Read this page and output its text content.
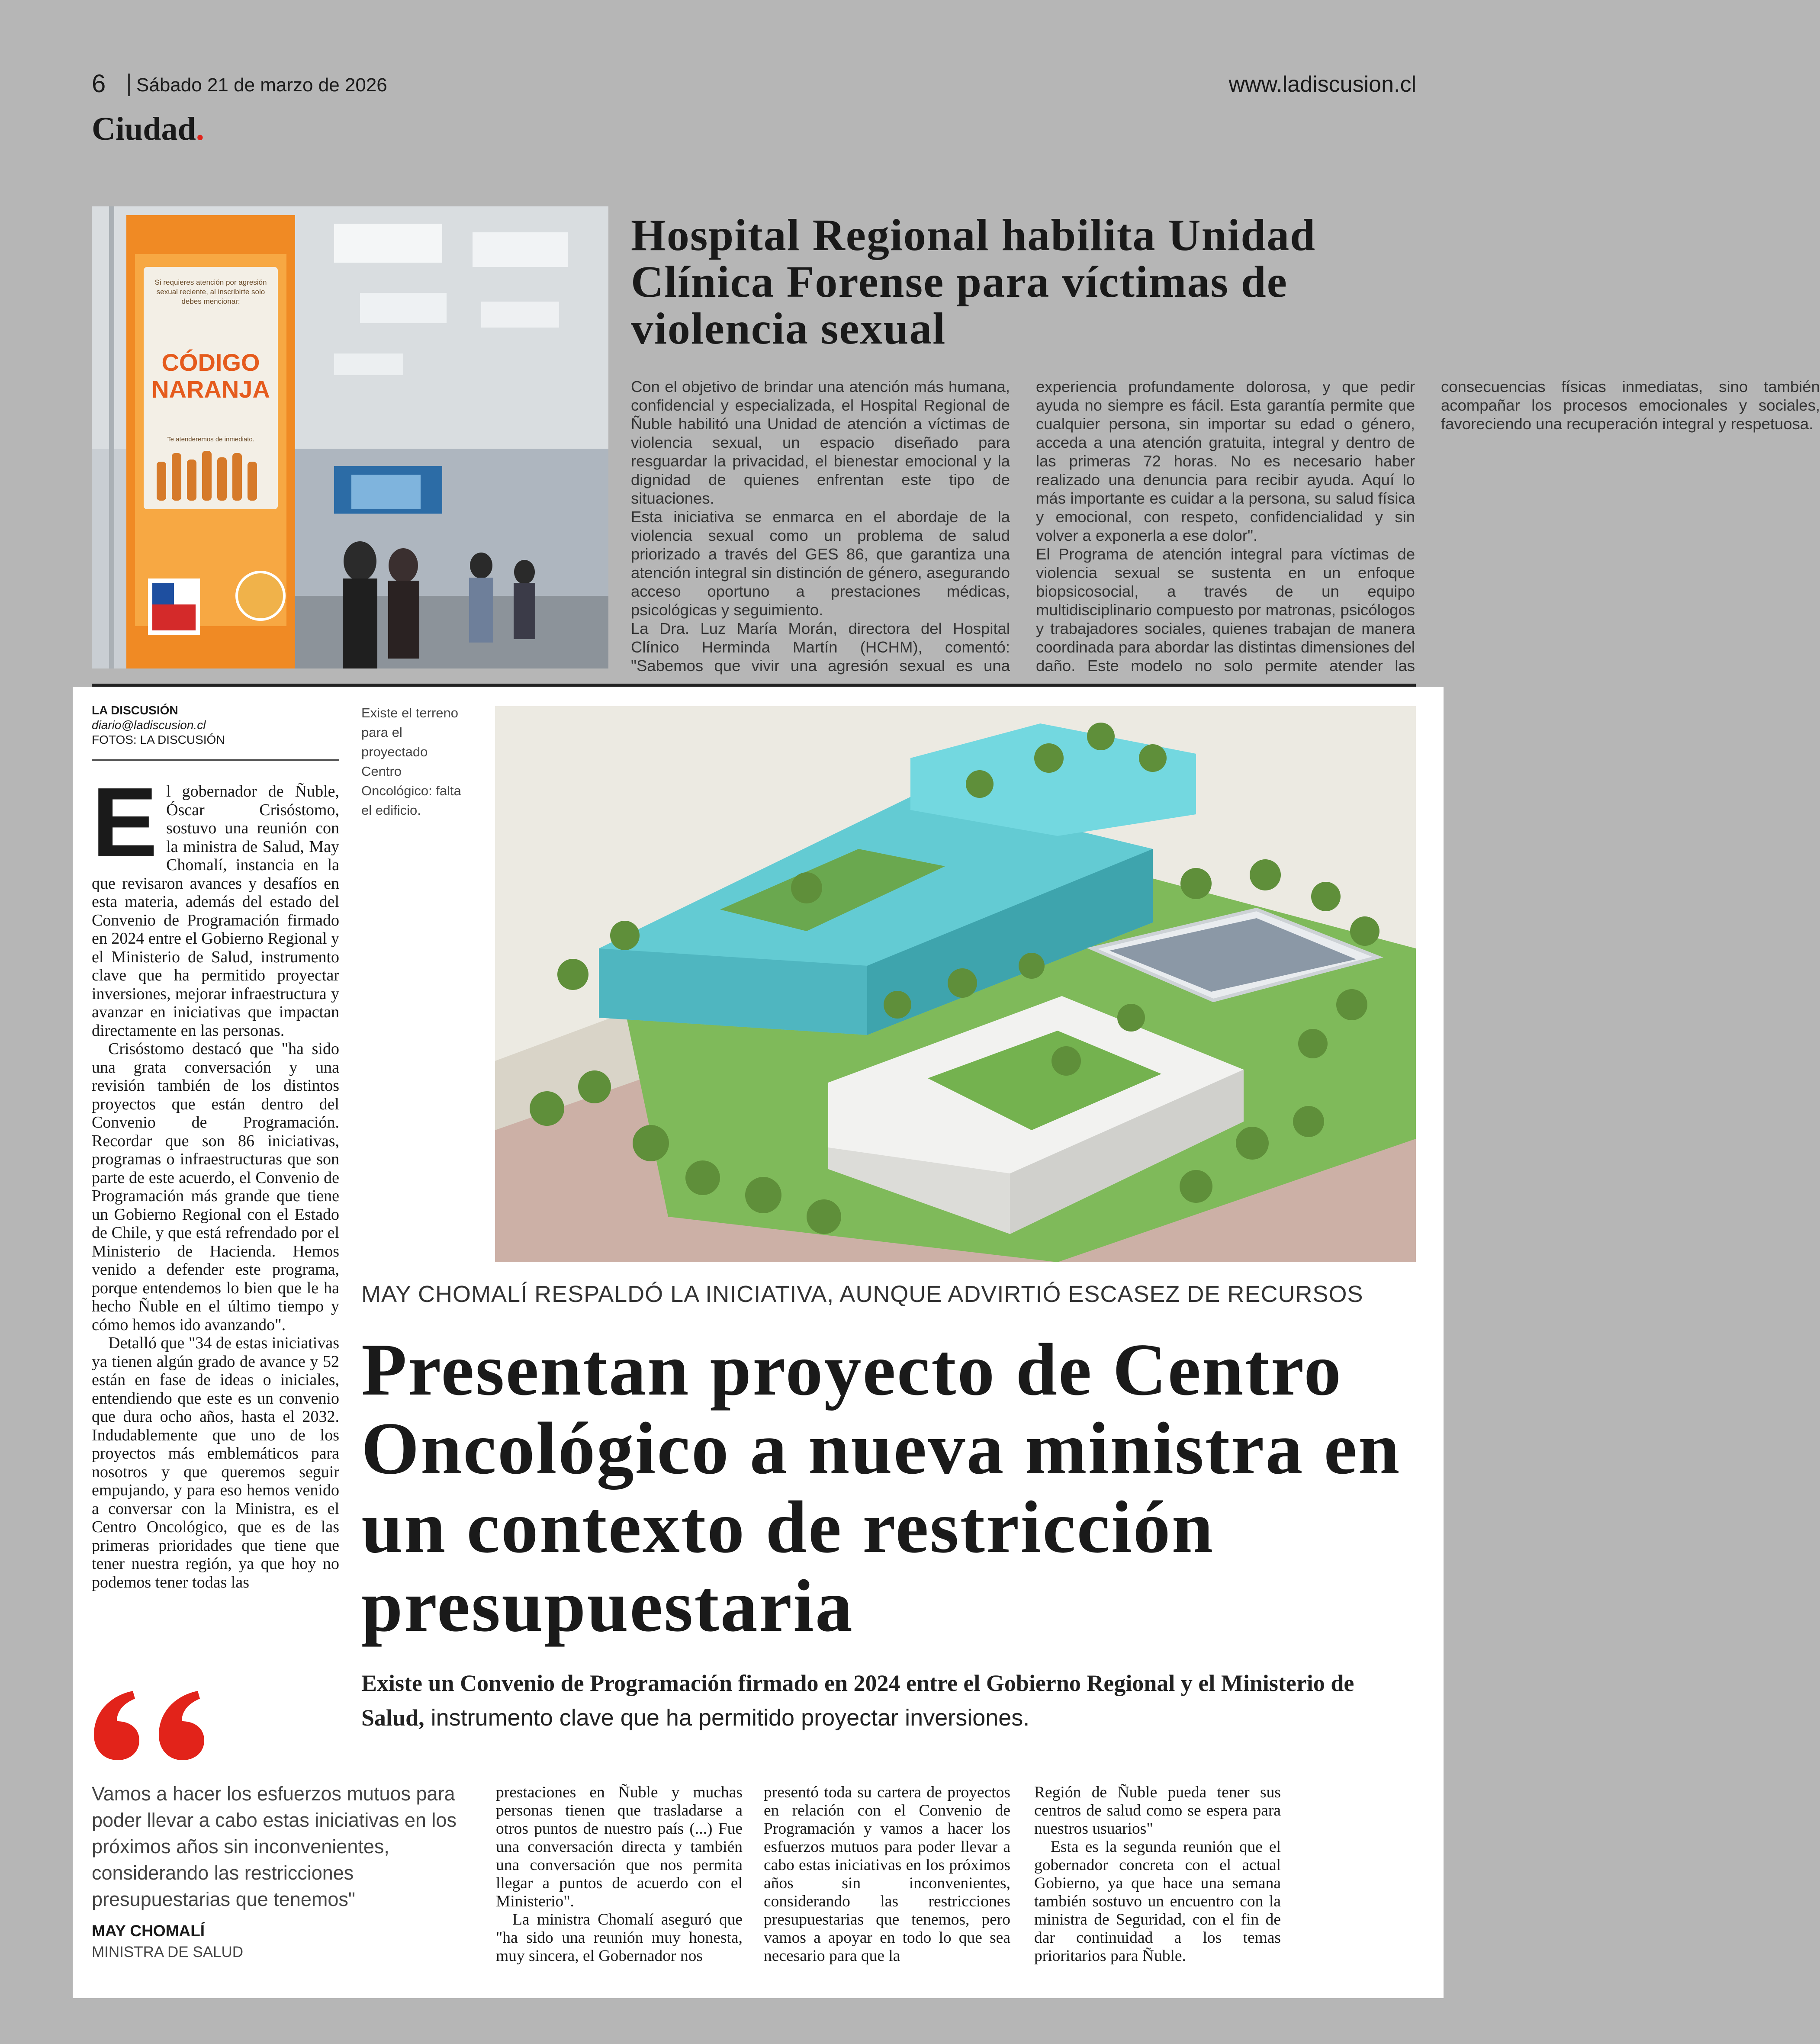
6 Sábado 21 de marzo de 2026	www.ladiscusion.cl
Ciudad.
Si requieres atención por agresión sexual reciente, al inscribirte solo debes mencionar:
CÓDIGO
NARANJA
Te atenderemos de inmediato.
Hospital Regional habilita Unidad Clínica Forense para víctimas de violencia sexual

Con el objetivo de brindar una atención más humana, confidencial y especializada, el Hospital Regional de Ñuble habilitó una Unidad de atención a víctimas de violencia sexual, un espacio diseñado para resguardar la privacidad, el bienestar emocional y la dignidad de quienes enfrentan este tipo de situaciones.

Esta iniciativa se enmarca en el abordaje de la violencia sexual como un problema de salud priorizado a través del GES 86, que garantiza una atención integral sin distinción de género, asegurando acceso oportuno a prestaciones médicas, psicológicas y seguimiento.

La Dra. Luz María Morán, directora del Hospital Clínico Herminda Martín (HCHM), comentó: "Sabemos que vivir una agresión sexual es una experiencia profundamente dolorosa, y que pedir ayuda no siempre es fácil. Esta garantía permite que cualquier persona, sin importar su edad o género, acceda a una atención gratuita, integral y dentro de las primeras 72 horas. No es necesario haber realizado una denuncia para recibir ayuda. Aquí lo más importante es cuidar a la persona, su salud física y emocional, con respeto, confidencialidad y sin volver a exponerla a ese dolor".

El Programa de atención integral para víctimas de violencia sexual se sustenta en un enfoque biopsicosocial, a través de un equipo multidisciplinario compuesto por matronas, psicólogos y trabajadores sociales, quienes trabajan de manera coordinada para abordar las distintas dimensiones del daño. Este modelo no solo permite atender las consecuencias físicas inmediatas, sino también acompañar los procesos emocionales y sociales, favoreciendo una recuperación integral y respetuosa.

LA DISCUSIÓN
diario@ladiscusion.cl
FOTOS: LA DISCUSIÓN

El gobernador de Ñuble, Óscar Crisóstomo, sostuvo una reunión con la ministra de Salud, May Chomalí, instancia en la que revisaron avances y desafíos en esta materia, además del estado del Convenio de Programación firmado en 2024 entre el Gobierno Regional y el Ministerio de Salud, instrumento clave que ha permitido proyectar inversiones, mejorar infraestructura y avanzar en iniciativas que impactan directamente en las personas.

Crisóstomo destacó que "ha sido una grata conversación y una revisión también de los distintos proyectos que están dentro del Convenio de Programación. Recordar que son 86 iniciativas, programas o infraestructuras que son parte de este acuerdo, el Convenio de Programación más grande que tiene un Gobierno Regional con el Estado de Chile, y que está refrendado por el Ministerio de Hacienda. Hemos venido a defender este programa, porque entendemos lo bien que le ha hecho Ñuble en el último tiempo y cómo hemos ido avanzando".

Detalló que "34 de estas iniciativas ya tienen algún grado de avance y 52 están en fase de ideas o iniciales, entendiendo que este es un convenio que dura ocho años, hasta el 2032. Indudablemente que uno de los proyectos más emblemáticos para nosotros y que queremos seguir empujando, y para eso hemos venido a conversar con la Ministra, es el Centro Oncológico, que es de las primeras prioridades que tiene que tener nuestra región, ya que hoy no podemos tener todas las

Existe el terreno para el proyectado Centro Oncológico: falta el edificio.
MAY CHOMALÍ RESPALDÓ LA INICIATIVA, AUNQUE ADVIRTIÓ ESCASEZ DE RECURSOS
Presentan proyecto de Centro Oncológico a nueva ministra en un contexto de restricción presupuestaria
Existe un Convenio de Programación firmado en 2024 entre el Gobierno Regional y el Ministerio de Salud, instrumento clave que ha permitido proyectar inversiones.
Vamos a hacer los esfuerzos mutuos para poder llevar a cabo estas iniciativas en los próximos años sin inconvenientes, considerando las restricciones presupuestarias que tenemos"
MAY CHOMALÍ
MINISTRA DE SALUD

prestaciones en Ñuble y muchas personas tienen que trasladarse a otros puntos de nuestro país (...) Fue una conversación directa y también una conversación que nos permita llegar a puntos de acuerdo con el Ministerio".

La ministra Chomalí aseguró que "ha sido una reunión muy honesta, muy sincera, el Gobernador nos

presentó toda su cartera de proyectos en relación con el Convenio de Programación y vamos a hacer los esfuerzos mutuos para poder llevar a cabo estas iniciativas en los próximos años sin inconvenientes, considerando las restricciones presupuestarias que tenemos, pero vamos a apoyar en todo lo que sea necesario para que la

Región de Ñuble pueda tener sus centros de salud como se espera para nuestros usuarios"

Esta es la segunda reunión que el gobernador concreta con el actual Gobierno, ya que hace una semana también sostuvo un encuentro con la ministra de Seguridad, con el fin de dar continuidad a los temas prioritarios para Ñuble.
